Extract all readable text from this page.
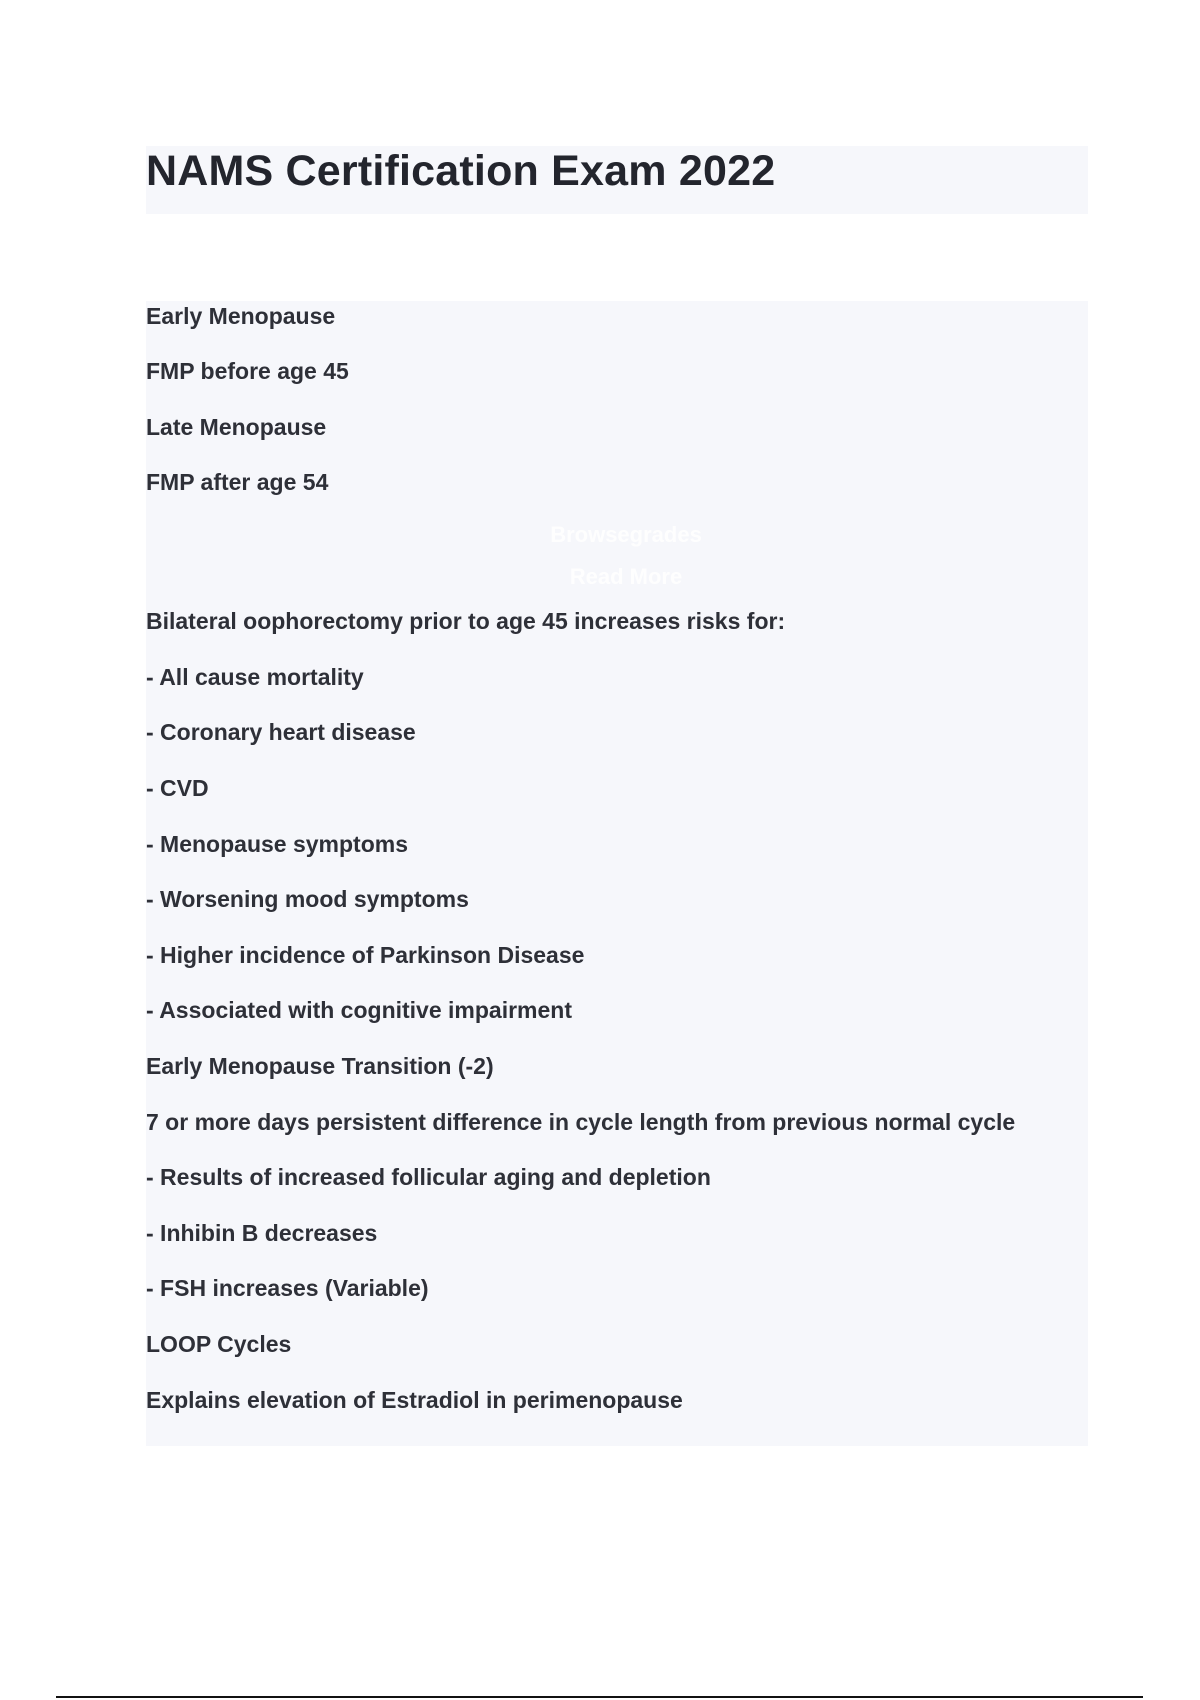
NAMS Certification Exam 2022

Early Menopause

FMP before age 45

Late Menopause

FMP after age 54

Browsegrades
Read More

Bilateral oophorectomy prior to age 45 increases risks for:

- All cause mortality

- Coronary heart disease

- CVD

- Menopause symptoms

- Worsening mood symptoms

- Higher incidence of Parkinson Disease

- Associated with cognitive impairment

Early Menopause Transition (-2)

7 or more days persistent difference in cycle length from previous normal cycle

- Results of increased follicular aging and depletion

- Inhibin B decreases

- FSH increases (Variable)

LOOP Cycles

Explains elevation of Estradiol in perimenopause
